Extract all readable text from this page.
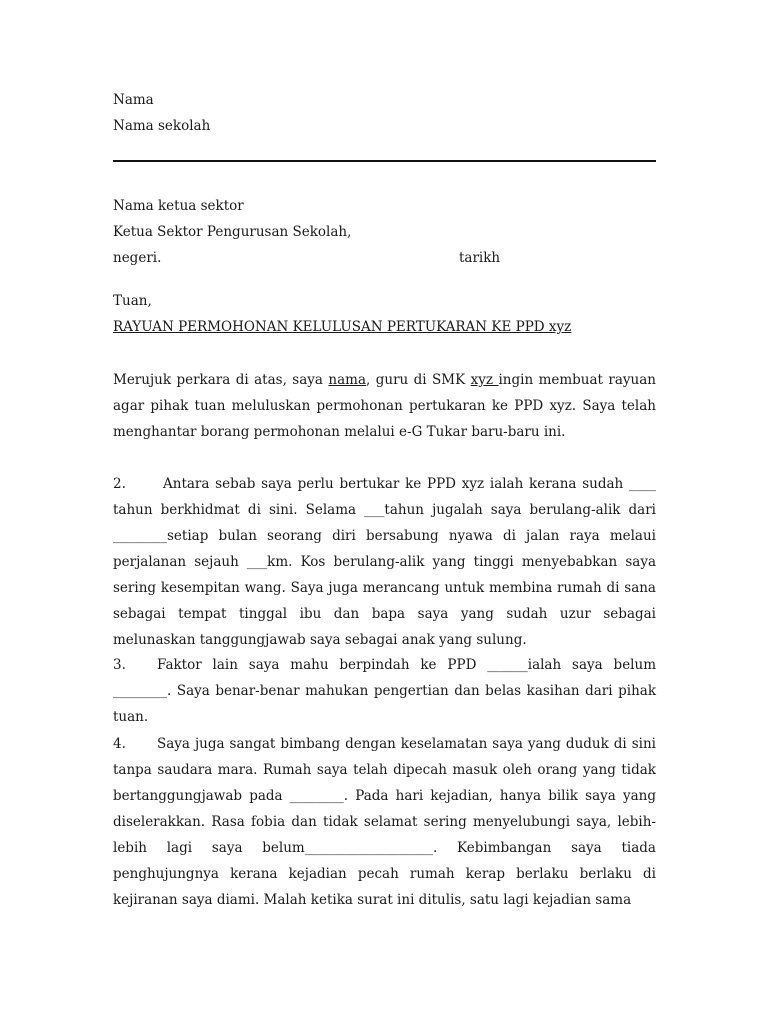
Nama
Nama sekolah
Nama ketua sektor
Ketua Sektor Pengurusan Sekolah,
negeri.	tarikh
Tuan,
RAYUAN PERMOHONAN KELULUSAN PERTUKARAN KE PPD xyz
Merujuk perkara di atas, saya nama, guru di SMK xyz ingin membuat rayuan agar pihak tuan meluluskan permohonan pertukaran ke PPD xyz. Saya telah menghantar borang permohonan melalui e-G Tukar baru-baru ini.
2.	Antara sebab saya perlu bertukar ke PPD xyz ialah kerana sudah ____ tahun berkhidmat di sini. Selama ___tahun jugalah saya berulang-alik dari ________setiap bulan seorang diri bersabung nyawa di jalan raya melaui perjalanan sejauh ___km. Kos berulang-alik yang tinggi menyebabkan saya sering kesempitan wang. Saya juga merancang untuk membina rumah di sana sebagai tempat tinggal ibu dan bapa saya yang sudah uzur sebagai melunaskan tanggungjawab saya sebagai anak yang sulung.
3. Faktor lain saya mahu berpindah ke PPD ______ialah saya belum ________. Saya benar-benar mahukan pengertian dan belas kasihan dari pihak tuan.
4. Saya juga sangat bimbang dengan keselamatan saya yang duduk di sini tanpa saudara mara. Rumah saya telah dipecah masuk oleh orang yang tidak bertanggungjawab pada ________. Pada hari kejadian, hanya bilik saya yang diselerakkan. Rasa fobia dan tidak selamat sering menyelubungi saya, lebih-lebih lagi saya belum___________________. Kebimbangan saya tiada penghujungnya kerana kejadian pecah rumah kerap berlaku berlaku di kejiranan saya diami. Malah ketika surat ini ditulis, satu lagi kejadian sama
